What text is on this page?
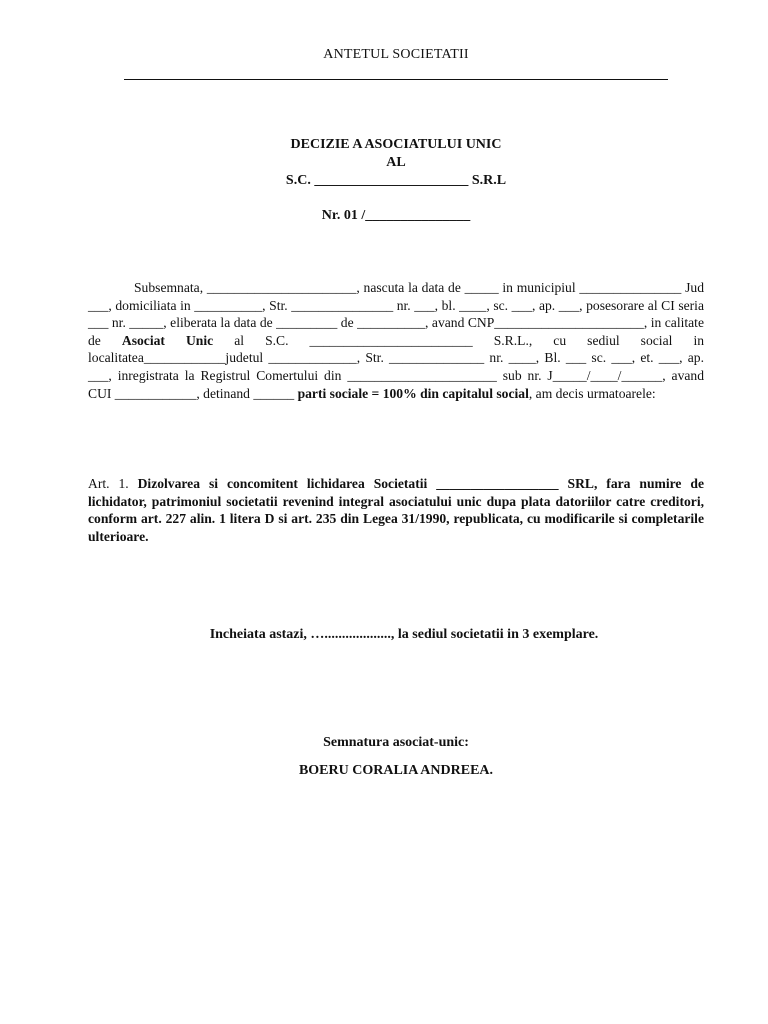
ANTETUL SOCIETATII
DECIZIE A ASOCIATULUI UNIC
AL
S.C. ______________________ S.R.L
Nr. 01 /_______________

Subsemnata, ______________________, nascuta la data de _____ in municipiul _______________ Jud ___, domiciliata in __________, Str. _______________ nr. ___, bl. ____, sc. ___, ap. ___, posesorare al CI seria ___ nr. _____, eliberata la data de _________ de __________, avand CNP______________________, in calitate de Asociat Unic al S.C. ________________________ S.R.L., cu sediul social in localitatea____________judetul _____________, Str. ______________ nr. ____, Bl. ___ sc. ___, et. ___, ap. ___, inregistrata la Registrul Comertului din ______________________ sub nr. J_____/____/______, avand CUI ____________, detinand ______ parti sociale = 100% din capitalul social, am decis urmatoarele:

Art. 1. Dizolvarea si concomitent lichidarea Societatii __________________ SRL, fara numire de lichidator, patrimoniul societatii revenind integral asociatului unic dupa plata datoriilor catre creditori, conform art. 227 alin. 1 litera D si art. 235 din Legea 31/1990, republicata, cu modificarile si completarile ulterioare.

Incheiata astazi, …..................., la sediul societatii in 3 exemplare.
Semnatura asociat-unic:
BOERU CORALIA ANDREEA.
